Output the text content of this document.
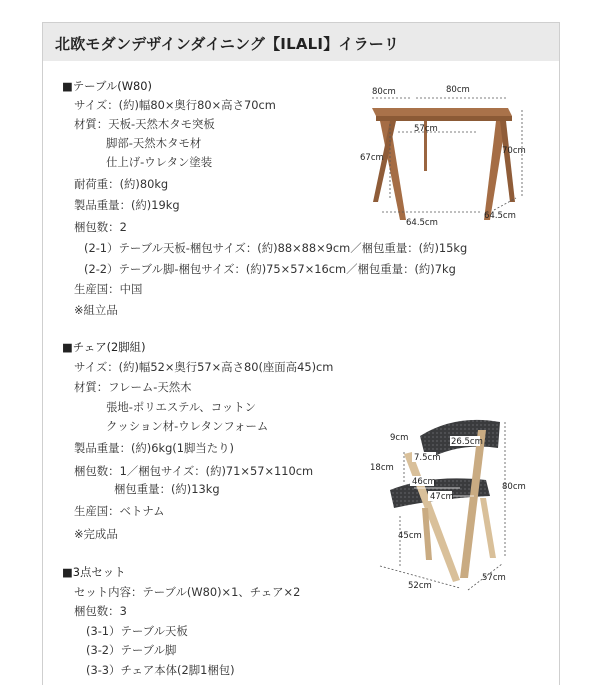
北欧モダンデザインダイニング【ILALI】イラーリ
■テーブル(W80)
サイズ：(約)幅80×奥行80×高さ70cm
材質：天板-天然木タモ突板
脚部-天然木タモ材
仕上げ-ウレタン塗装
耐荷重：(約)80kg
製品重量：(約)19kg
梱包数：2
(2-1）テーブル天板-梱包サイズ：(約)88×88×9cm／梱包重量：(約)15kg
(2-2）テーブル脚-梱包サイズ：(約)75×57×16cm／梱包重量：(約)7kg
生産国：中国
※組立品
80cm	80cm
57cm
67cm
70cm
64.5cm
64.5cm
■チェア(2脚組)
サイズ：(約)幅52×奥行57×高さ80(座面高45)cm
材質：フレーム-天然木
張地-ポリエステル、コットン
クッション材-ウレタンフォーム
製品重量：(約)6kg(1脚当たり)
梱包数：1／梱包サイズ：(約)71×57×110cm
梱包重量：(約)13kg
生産国：ベトナム
※完成品
9cm	26.5cm
7.5cm
18cm
46cm
47cm
80cm
45cm
52cm
57cm
■3点セット
セット内容：テーブル(W80)×1、チェア×2
梱包数：3
(3-1）テーブル天板
(3-2）テーブル脚
(3-3）チェア本体(2脚1梱包)
